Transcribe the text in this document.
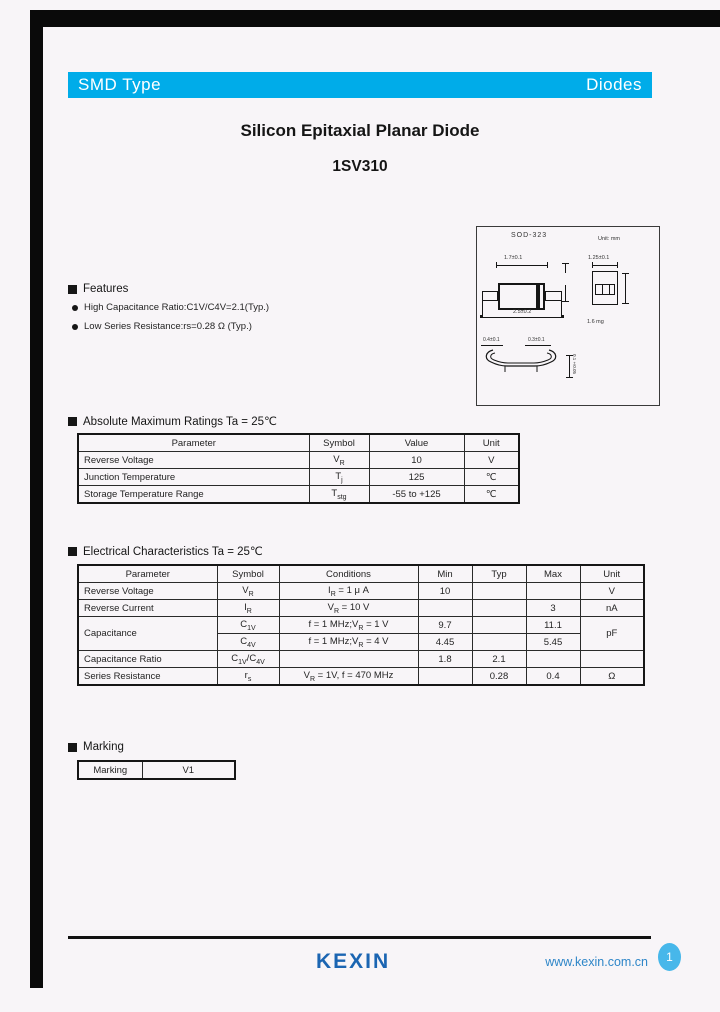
SMD Type	Diodes
Silicon Epitaxial Planar Diode
1SV310
SOD-323	Unit: mm
1.7±0.1
2.5±0.2
1.25±0.1
1.6 mg
0.4±0.1	0.3±0.1
0.1±0.05
Features
High Capacitance Ratio:C1V/C4V=2.1(Typ.)
Low Series Resistance:rs=0.28 Ω (Typ.)
Absolute Maximum Ratings Ta = 25℃
Parameter	Symbol	Value	Unit
Reverse Voltage	$V_R$	10	V
Junction Temperature	$T_j$	125	℃
Storage Temperature Range	$T_{stg}$	-55 to +125	℃
Electrical Characteristics Ta = 25℃
Parameter	Symbol	Conditions	Min	Typ	Max	Unit
Reverse Voltage	$V_R$	$I_R = 1$ μ A	10			V
Reverse Current	$I_R$	$V_R = 10$ V			3	nA
Capacitance	$C_{1V}$	f = 1 $MHz;V_R = 1$ V	9.7		11.1	pF
	$C_{4V}$	f = 1 $MHz;V_R = 4$ V	4.45		5.45	
Capacitance Ratio	$C_{1V}/C_{4V}$		1.8	2.1		
Series Resistance	$r_s$	$V_R = 1V$, f = 470 MHz		0.28	0.4	Ω
Marking
Marking	V1
KEXIN	www.kexin.com.cn 1
